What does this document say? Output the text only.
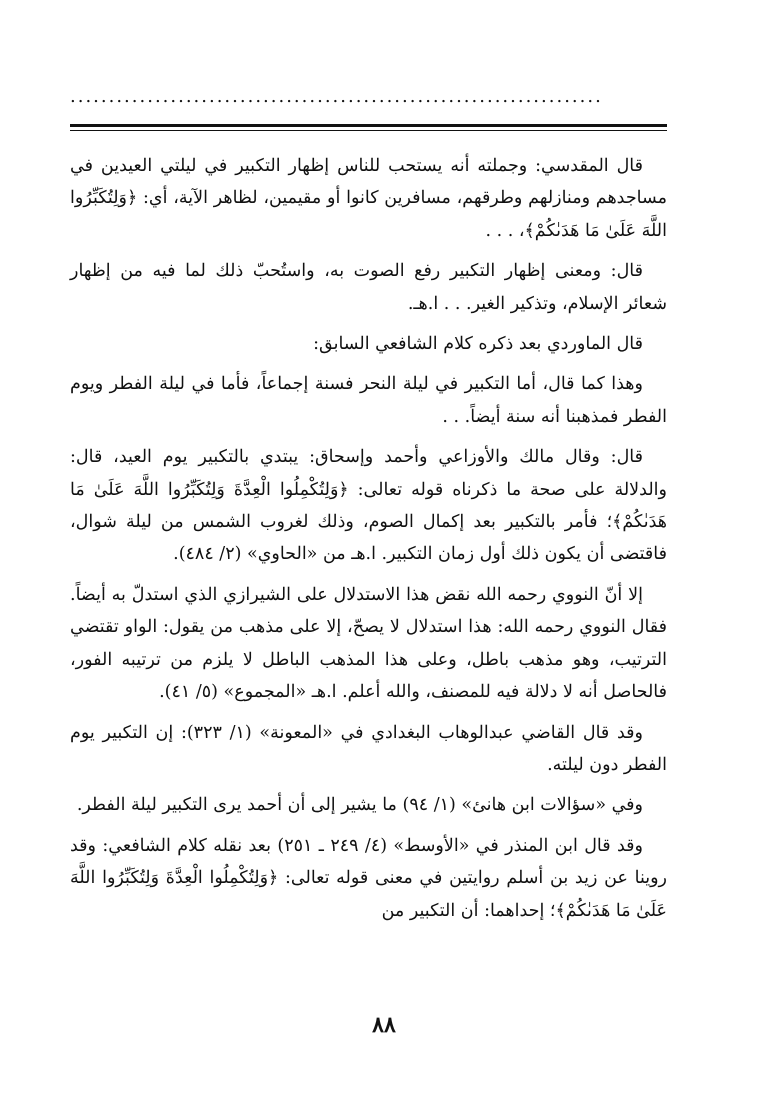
.....................................................................

قال المقدسي: وجملته أنه يستحب للناس إظهار التكبير في ليلتي العيدين في مساجدهم ومنازلهم وطرقهم، مسافرين كانوا أو مقيمين، لظاهر الآية، أي: ﴿وَلِتُكَبِّرُوا اللَّهَ عَلَىٰ مَا هَدَىٰكُمْ﴾، . . .

قال: ومعنى إظهار التكبير رفع الصوت به، واستُحبّ ذلك لما فيه من إظهار شعائر الإسلام، وتذكير الغير. . . ا.هـ.

قال الماوردي بعد ذكره كلام الشافعي السابق:

وهذا كما قال، أما التكبير في ليلة النحر فسنة إجماعاً، فأما في ليلة الفطر ويوم الفطر فمذهبنا أنه سنة أيضاً. . .

قال: وقال مالك والأوزاعي وأحمد وإسحاق: يبتدي بالتكبير يوم العيد، قال: والدلالة على صحة ما ذكرناه قوله تعالى: ﴿وَلِتُكْمِلُوا الْعِدَّةَ وَلِتُكَبِّرُوا اللَّهَ عَلَىٰ مَا هَدَىٰكُمْ﴾؛ فأمر بالتكبير بعد إكمال الصوم، وذلك لغروب الشمس من ليلة شوال، فاقتضى أن يكون ذلك أول زمان التكبير. ا.هـ من «الحاوي» (٢/ ٤٨٤).

إلا أنّ النووي رحمه الله نقض هذا الاستدلال على الشيرازي الذي استدلّ به أيضاً. فقال النووي رحمه الله: هذا استدلال لا يصحّ، إلا على مذهب من يقول: الواو تقتضي الترتيب، وهو مذهب باطل، وعلى هذا المذهب الباطل لا يلزم من ترتيبه الفور، فالحاصل أنه لا دلالة فيه للمصنف، والله أعلم. ا.هـ «المجموع» (٥/ ٤١).

وقد قال القاضي عبدالوهاب البغدادي في «المعونة» (١/ ٣٢٣): إن التكبير يوم الفطر دون ليلته.

وفي «سؤالات ابن هانئ» (١/ ٩٤) ما يشير إلى أن أحمد يرى التكبير ليلة الفطر.

وقد قال ابن المنذر في «الأوسط» (٤/ ٢٤٩ ـ ٢٥١) بعد نقله كلام الشافعي: وقد روينا عن زيد بن أسلم روايتين في معنى قوله تعالى: ﴿وَلِتُكْمِلُوا الْعِدَّةَ وَلِتُكَبِّرُوا اللَّهَ عَلَىٰ مَا هَدَىٰكُمْ﴾؛ إحداهما: أن التكبير من

٨٨
